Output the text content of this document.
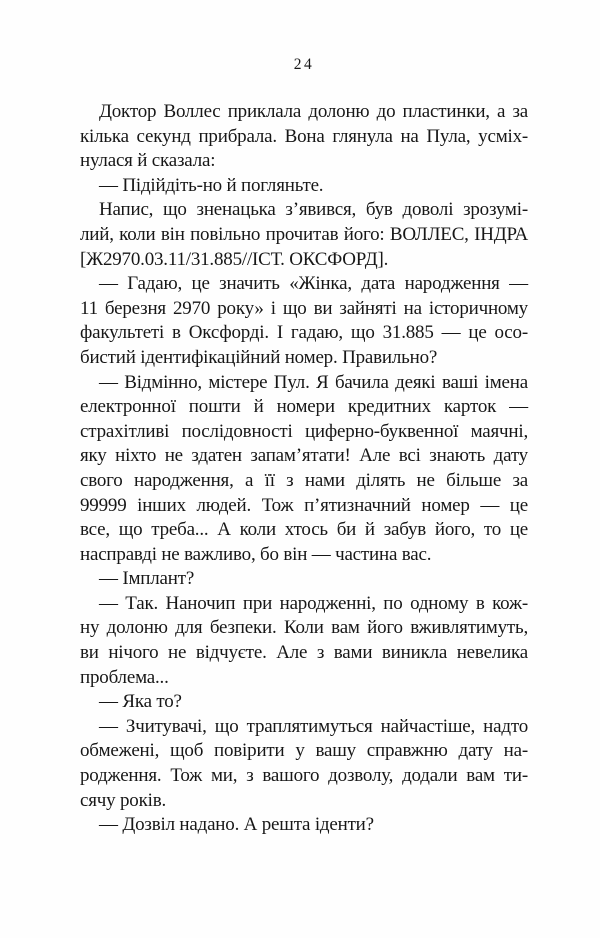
24
Доктор Воллес приклала долоню до пластинки, а за
кілька секунд прибрала. Вона глянула на Пула, усміх-
нулася й сказала:
— Підійдіть-но й погляньте.
Напис, що зненацька з’явився, був доволі зрозумі-
лий, коли він повільно прочитав його: ВОЛЛЕС, ІНДРА
[Ж2970.03.11/31.885//ІСТ. ОКСФОРД].
— Гадаю, це значить «Жінка, дата народження —
11 березня 2970 року» і що ви зайняті на історичному
факультеті в Оксфорді. І гадаю, що 31.885 — це осо-
бистий ідентифікаційний номер. Правильно?
— Відмінно, містере Пул. Я бачила деякі ваші імена
електронної пошти й номери кредитних карток —
страхітливі послідовності циферно-буквенної маячні,
яку ніхто не здатен запам’ятати! Але всі знають дату
свого народження, а її з нами ділять не більше за
99999 інших людей. Тож п’ятизначний номер — це
все, що треба... А коли хтось би й забув його, то це
насправді не важливо, бо він — частина вас.
— Імплант?
— Так. Наночип при народженні, по одному в кож-
ну долоню для безпеки. Коли вам його вживлятимуть,
ви нічого не відчуєте. Але з вами виникла невелика
проблема...
— Яка то?
— Зчитувачі, що траплятимуться найчастіше, надто
обмежені, щоб повірити у вашу справжню дату на-
родження. Тож ми, з вашого дозволу, додали вам ти-
сячу років.
— Дозвіл надано. А решта іденти?
